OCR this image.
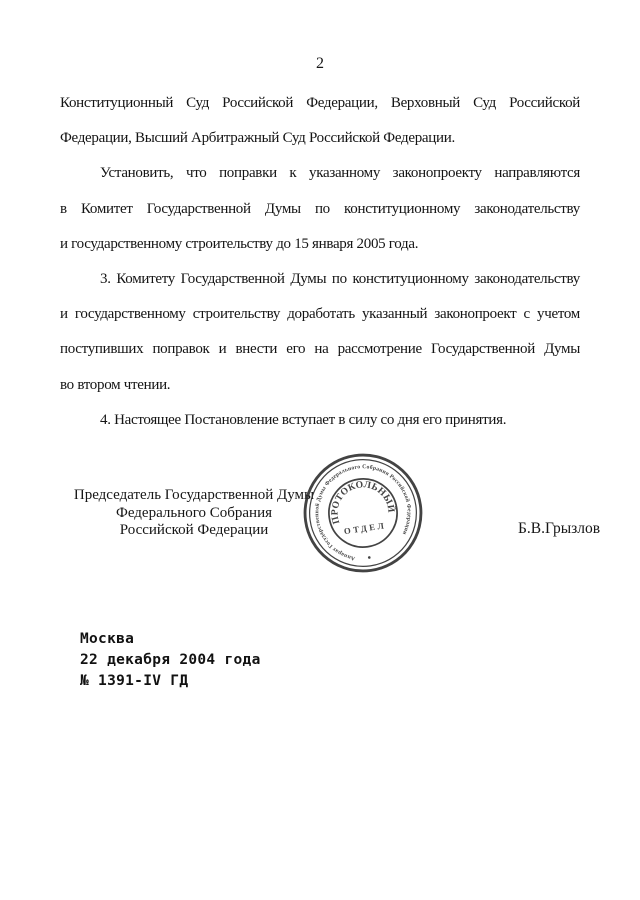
2
Конституционный Суд Российской Федерации, Верховный Суд Российской
Федерации, Высший Арбитражный Суд Российской Федерации.
Установить, что поправки к указанному законопроекту направляются
в Комитет Государственной Думы по конституционному законодательству
и государственному строительству до 15 января 2005 года.
3. Комитету Государственной Думы по конституционному законодательству
и государственному строительству доработать указанный законопроект с учетом
поступивших поправок и внести его на рассмотрение Государственной Думы
во втором чтении.
4. Настоящее Постановление вступает в силу со дня его принятия.
Председатель Государственной Думы
Федерального Собрания
Российской Федерации	Б.В.Грызлов
Аппарат Государственной Думы Федерального Собрания Российской Федерации
ПРОТОКОЛЬНЫЙ
ОТДЕЛ
Москва
22 декабря 2004 года
№ 1391-IV ГД
